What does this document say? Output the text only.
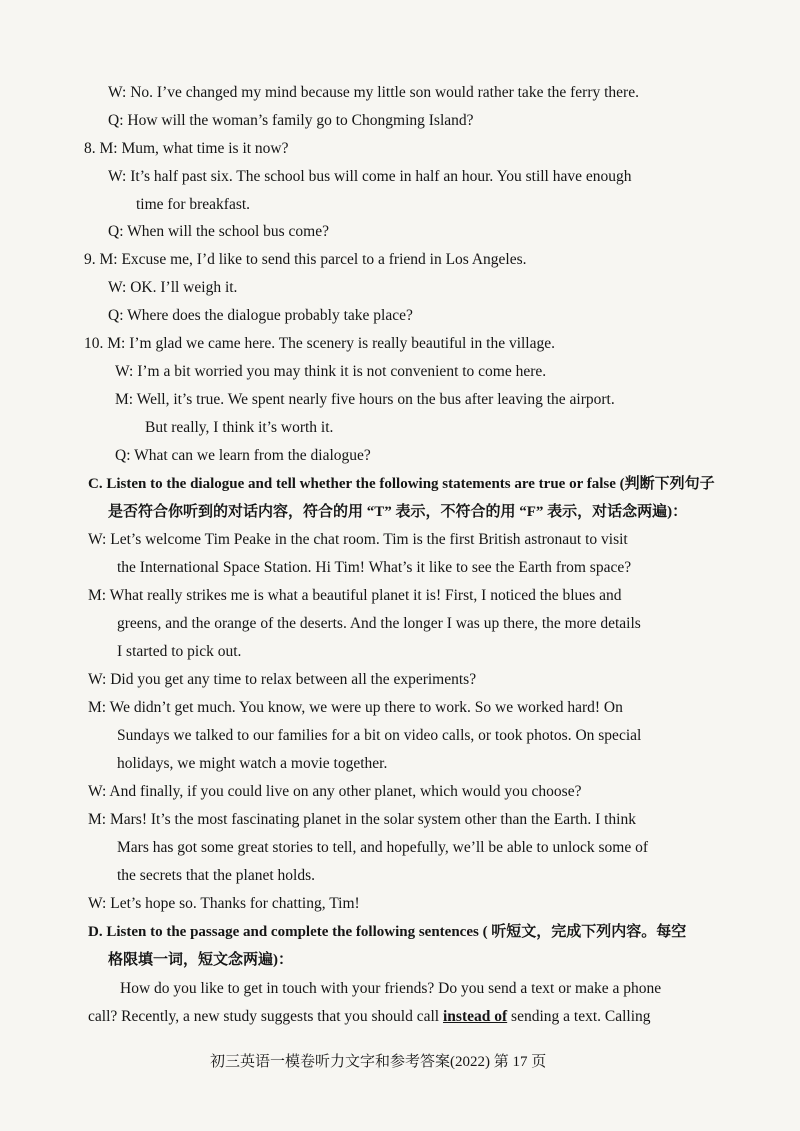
W: No. I’ve changed my mind because my little son would rather take the ferry there.
Q: How will the woman’s family go to Chongming Island?
8. M: Mum, what time is it now?
W: It’s half past six. The school bus will come in half an hour. You still have enough
time for breakfast.
Q: When will the school bus come?
9. M: Excuse me, I’d like to send this parcel to a friend in Los Angeles.
W: OK. I’ll weigh it.
Q: Where does the dialogue probably take place?
10. M: I’m glad we came here. The scenery is really beautiful in the village.
W: I’m a bit worried you may think it is not convenient to come here.
M: Well, it’s true. We spent nearly five hours on the bus after leaving the airport.
But really, I think it’s worth it.
Q: What can we learn from the dialogue?
C. Listen to the dialogue and tell whether the following statements are true or false (判断下列句子
是否符合你听到的对话内容，符合的用 “T” 表示，不符合的用 “F” 表示，对话念两遍)：
W: Let’s welcome Tim Peake in the chat room. Tim is the first British astronaut to visit
the International Space Station. Hi Tim! What’s it like to see the Earth from space?
M: What really strikes me is what a beautiful planet it is! First, I noticed the blues and
greens, and the orange of the deserts. And the longer I was up there, the more details
I started to pick out.
W: Did you get any time to relax between all the experiments?
M: We didn’t get much. You know, we were up there to work. So we worked hard! On
Sundays we talked to our families for a bit on video calls, or took photos. On special
holidays, we might watch a movie together.
W: And finally, if you could live on any other planet, which would you choose?
M: Mars! It’s the most fascinating planet in the solar system other than the Earth. I think
Mars has got some great stories to tell, and hopefully, we’ll be able to unlock some of
the secrets that the planet holds.
W: Let’s hope so. Thanks for chatting, Tim!
D. Listen to the passage and complete the following sentences ( 听短文，完成下列内容。每空
格限填一词，短文念两遍)：
How do you like to get in touch with your friends? Do you send a text or make a phone
call? Recently, a new study suggests that you should call instead of sending a text. Calling
初三英语一模卷听力文字和参考答案(2022) 第 17 页
